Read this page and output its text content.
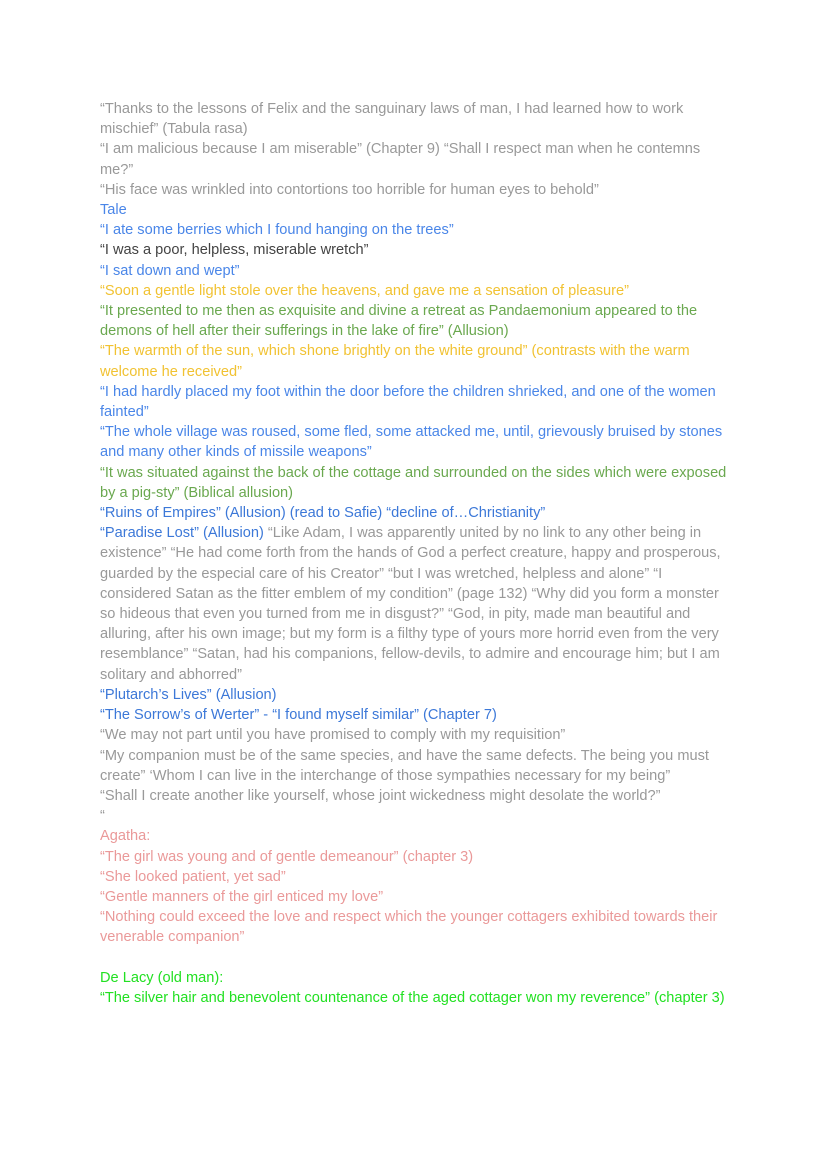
“Thanks to the lessons of Felix and the sanguinary laws of man, I had learned how to work mischief” (Tabula rasa)

“I am malicious because I am miserable” (Chapter 9) “Shall I respect man when he contemns me?”

“His face was wrinkled into contortions too horrible for human eyes to behold”

Tale

“I ate some berries which I found hanging on the trees”

“I was a poor, helpless, miserable wretch”

“I sat down and wept”

“Soon a gentle light stole over the heavens, and gave me a sensation of pleasure”

“It presented to me then as exquisite and divine a retreat as Pandaemonium appeared to the demons of hell after their sufferings in the lake of fire” (Allusion)

“The warmth of the sun, which shone brightly on the white ground” (contrasts with the warm welcome he received”

“I had hardly placed my foot within the door before the children shrieked, and one of the women fainted”

“The whole village was roused, some fled, some attacked me, until, grievously bruised by stones and many other kinds of missile weapons”

“It was situated against the back of the cottage and surrounded on the sides which were exposed by a pig-sty” (Biblical allusion)

“Ruins of Empires” (Allusion) (read to Safie) “decline of…Christianity”

“Paradise Lost” (Allusion) “Like Adam, I was apparently united by no link to any other being in existence” “He had come forth from the hands of God a perfect creature, happy and prosperous, guarded by the especial care of his Creator” “but I was wretched, helpless and alone” “I considered Satan as the fitter emblem of my condition” (page 132) “Why did you form a monster so hideous that even you turned from me in disgust?” “God, in pity, made man beautiful and alluring, after his own image; but my form is a filthy type of yours more horrid even from the very resemblance” “Satan, had his companions, fellow-devils, to admire and encourage him; but I am solitary and abhorred”

“Plutarch’s Lives” (Allusion)

“The Sorrow’s of Werter” - “I found myself similar” (Chapter 7)

“We may not part until you have promised to comply with my requisition”

“My companion must be of the same species, and have the same defects. The being you must create” ‘Whom I can live in the interchange of those sympathies necessary for my being”

“Shall I create another like yourself, whose joint wickedness might desolate the world?”

“

Agatha:

“The girl was young and of gentle demeanour” (chapter 3)

“She looked patient, yet sad”

“Gentle manners of the girl enticed my love”

“Nothing could exceed the love and respect which the younger cottagers exhibited towards their venerable companion”

De Lacy (old man):

“The silver hair and benevolent countenance of the aged cottager won my reverence” (chapter 3)
